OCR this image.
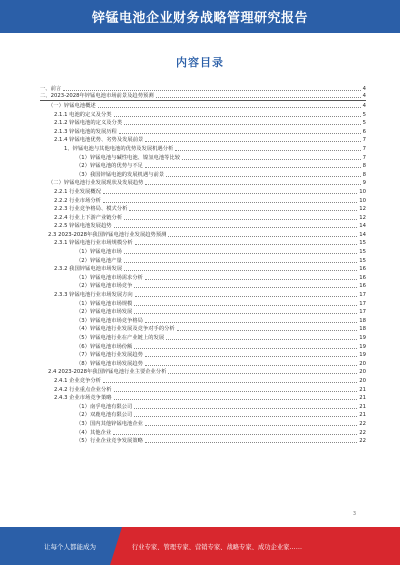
锌锰电池企业财务战略管理研究报告
内容目录
一、前言	4
二、2023-2028年锌锰电池市场前景及趋势预测	4
（一）锌锰电池概述	4
2.1.1 电池的定义及分类	5
2.1.2 锌锰电池的定义及分类	5
2.1.3 锌锰电池的发展历程	6
2.1.4 锌锰电池优势、劣势及发展前景	7
1、锌锰电池与其他电池的优势及发展机遇分析	7
（1）锌锰电池与碱性电池、镍氢电池等比较	7
（2）锌锰电池的优势与不足	8
（3）我国锌锰电池的发展机遇与前景	8
（二）锌锰电池行业发展现状及发展趋势	9
2.2.1 行业发展概况	10
2.2.2 行业市场分析	10
2.2.3 行业竞争格局、模式分析	12
2.2.4 行业上下游产业链分析	12
2.2.5 锌锰电池发展趋势	14
2.3 2023-2028年我国锌锰电池行业发展趋势预测	14
2.3.1 锌锰电池行业市场规模分析	15
（1）锌锰电池市场	15
（2）锌锰电池产量	15
2.3.2 我国锌锰电池市场发展	16
（1）锌锰电池市场需求分析	16
（2）锌锰电池市场竞争	16
2.3.3 锌锰电池行业市场发展方向	17
（1）锌锰电池市场规模	17
（2）锌锰电池市场发展	17
（3）锌锰电池市场竞争格局	18
（4）锌锰电池行业发展及竞争对手的分析	18
（5）锌锰电池行业在产业链上的发展	19
（6）锌锰电池市场份额	19
（7）锌锰电池行业发展趋势	19
（8）锌锰电池市场发展趋势	20
2.4 2023-2028年我国锌锰电池行业主要企业分析	20
2.4.1 企业竞争分析	20
2.4.2 行业重点企业分析	21
2.4.3 企业市场竞争策略	21
（1）南孚电池有限公司	21
（2）双鹿电池有限公司	21
（3）国内其他锌锰电池企业	22
（4）其他企业	22
（5）行业企业竞争发展策略	22
3
让每个人都能成为	行业专家、管理专家、营销专家、战略专家、成功企业家……
